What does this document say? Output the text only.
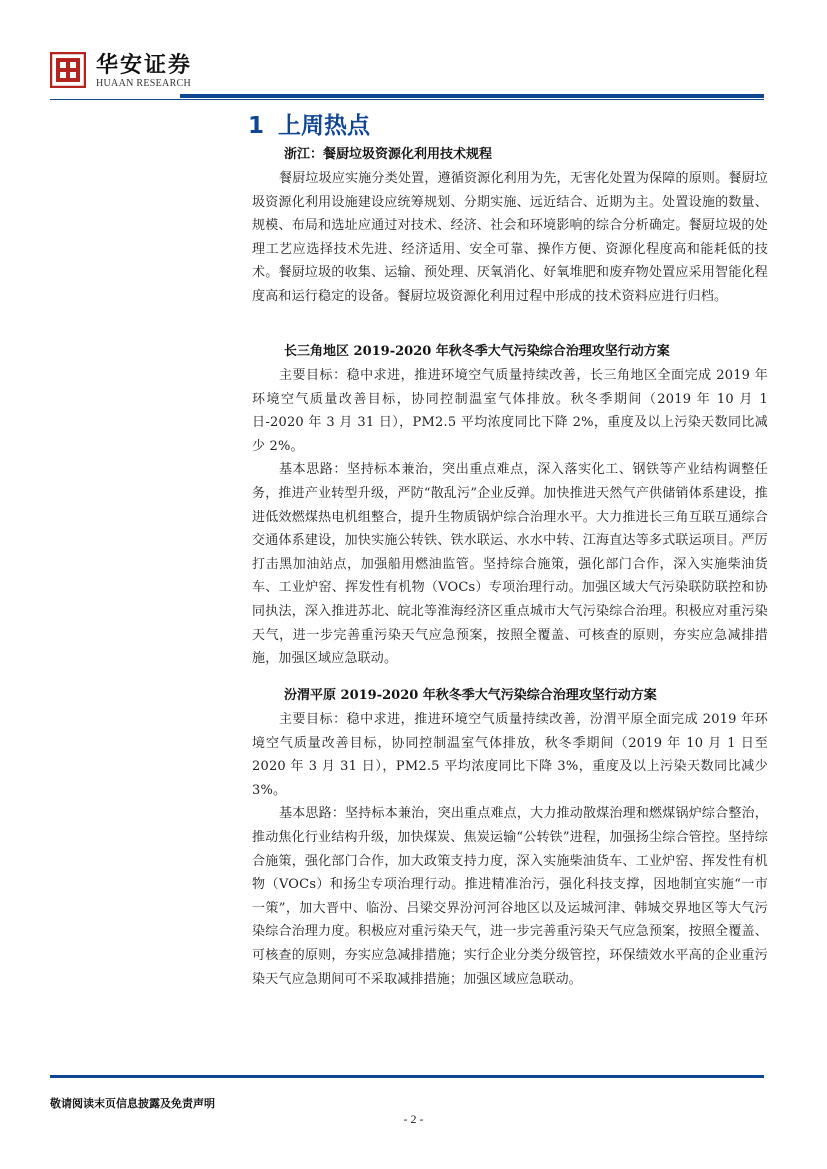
华安证券
HUAAN RESEARCH
1 上周热点
浙江：餐厨垃圾资源化利用技术规程

餐厨垃圾应实施分类处置，遵循资源化利用为先，无害化处置为保障的原则。餐厨垃圾资源化利用设施建设应统筹规划、分期实施、远近结合、近期为主。处置设施的数量、规模、布局和选址应通过对技术、经济、社会和环境影响的综合分析确定。餐厨垃圾的处理工艺应选择技术先进、经济适用、安全可靠、操作方便、资源化程度高和能耗低的技术。餐厨垃圾的收集、运输、预处理、厌氧消化、好氧堆肥和废弃物处置应采用智能化程度高和运行稳定的设备。餐厨垃圾资源化利用过程中形成的技术资料应进行归档。

长三角地区 2019-2020 年秋冬季大气污染综合治理攻坚行动方案

主要目标：稳中求进，推进环境空气质量持续改善，长三角地区全面完成 2019 年环境空气质量改善目标，协同控制温室气体排放。秋冬季期间（2019 年 10 月 1 日-2020 年 3 月 31 日），PM2.5 平均浓度同比下降 2%，重度及以上污染天数同比减少 2%。

基本思路：坚持标本兼治，突出重点难点，深入落实化工、钢铁等产业结构调整任务，推进产业转型升级，严防“散乱污”企业反弹。加快推进天然气产供储销体系建设，推进低效燃煤热电机组整合，提升生物质锅炉综合治理水平。大力推进长三角互联互通综合交通体系建设，加快实施公转铁、铁水联运、水水中转、江海直达等多式联运项目。严厉打击黑加油站点，加强船用燃油监管。坚持综合施策，强化部门合作，深入实施柴油货车、工业炉窑、挥发性有机物（VOCs）专项治理行动。加强区域大气污染联防联控和协同执法，深入推进苏北、皖北等淮海经济区重点城市大气污染综合治理。积极应对重污染天气，进一步完善重污染天气应急预案，按照全覆盖、可核查的原则，夯实应急减排措施，加强区域应急联动。

汾渭平原 2019-2020 年秋冬季大气污染综合治理攻坚行动方案

主要目标：稳中求进，推进环境空气质量持续改善，汾渭平原全面完成 2019 年环境空气质量改善目标，协同控制温室气体排放，秋冬季期间（2019 年 10 月 1 日至 2020 年 3 月 31 日），PM2.5 平均浓度同比下降 3%，重度及以上污染天数同比减少 3%。

基本思路：坚持标本兼治，突出重点难点，大力推动散煤治理和燃煤锅炉综合整治，推动焦化行业结构升级，加快煤炭、焦炭运输“公转铁”进程，加强扬尘综合管控。坚持综合施策，强化部门合作，加大政策支持力度，深入实施柴油货车、工业炉窑、挥发性有机物（VOCs）和扬尘专项治理行动。推进精准治污，强化科技支撑，因地制宜实施“一市一策”，加大晋中、临汾、吕梁交界汾河河谷地区以及运城河津、韩城交界地区等大气污染综合治理力度。积极应对重污染天气，进一步完善重污染天气应急预案，按照全覆盖、可核查的原则，夯实应急减排措施；实行企业分类分级管控，环保绩效水平高的企业重污染天气应急期间可不采取减排措施；加强区域应急联动。

敬请阅读末页信息披露及免责声明
- 2 -
